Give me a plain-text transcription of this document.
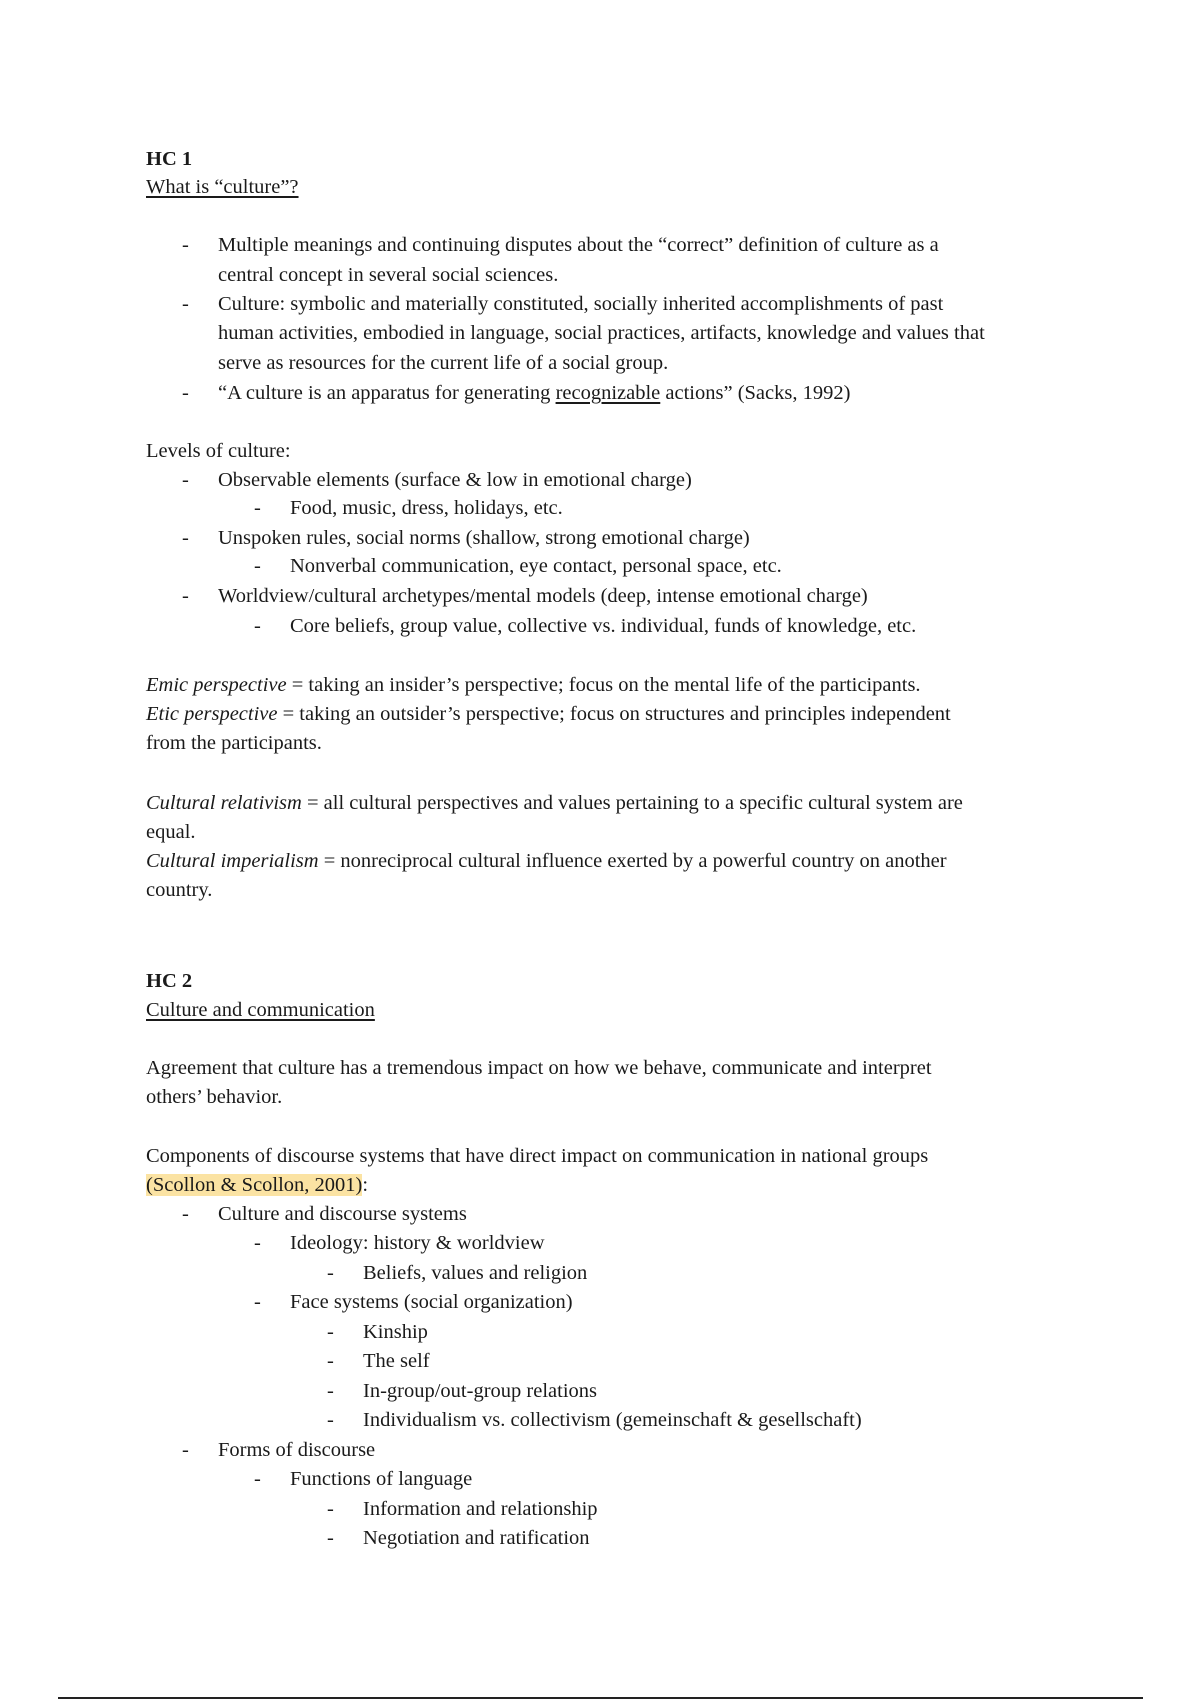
HC 1
What is “culture”?
-	Multiple meanings and continuing disputes about the “correct” definition of culture as a
central concept in several social sciences.
-	Culture: symbolic and materially constituted, socially inherited accomplishments of past
human activities, embodied in language, social practices, artifacts, knowledge and values that
serve as resources for the current life of a social group.
-	“A culture is an apparatus for generating recognizable actions” (Sacks, 1992)
Levels of culture:
-	Observable elements (surface & low in emotional charge)
-	Food, music, dress, holidays, etc.
-	Unspoken rules, social norms (shallow, strong emotional charge)
-	Nonverbal communication, eye contact, personal space, etc.
-	Worldview/cultural archetypes/mental models (deep, intense emotional charge)
-	Core beliefs, group value, collective vs. individual, funds of knowledge, etc.
Emic perspective = taking an insider’s perspective; focus on the mental life of the participants.
Etic perspective = taking an outsider’s perspective; focus on structures and principles independent
from the participants.
Cultural relativism = all cultural perspectives and values pertaining to a specific cultural system are
equal.
Cultural imperialism = nonreciprocal cultural influence exerted by a powerful country on another
country.
HC 2
Culture and communication
Agreement that culture has a tremendous impact on how we behave, communicate and interpret
others’ behavior.
Components of discourse systems that have direct impact on communication in national groups
(Scollon & Scollon, 2001):
-	Culture and discourse systems
-	Ideology: history & worldview
-	Beliefs, values and religion
-	Face systems (social organization)
-	Kinship
-	The self
-	In-group/out-group relations
-	Individualism vs. collectivism (gemeinschaft & gesellschaft)
-	Forms of discourse
-	Functions of language
-	Information and relationship
-	Negotiation and ratification
